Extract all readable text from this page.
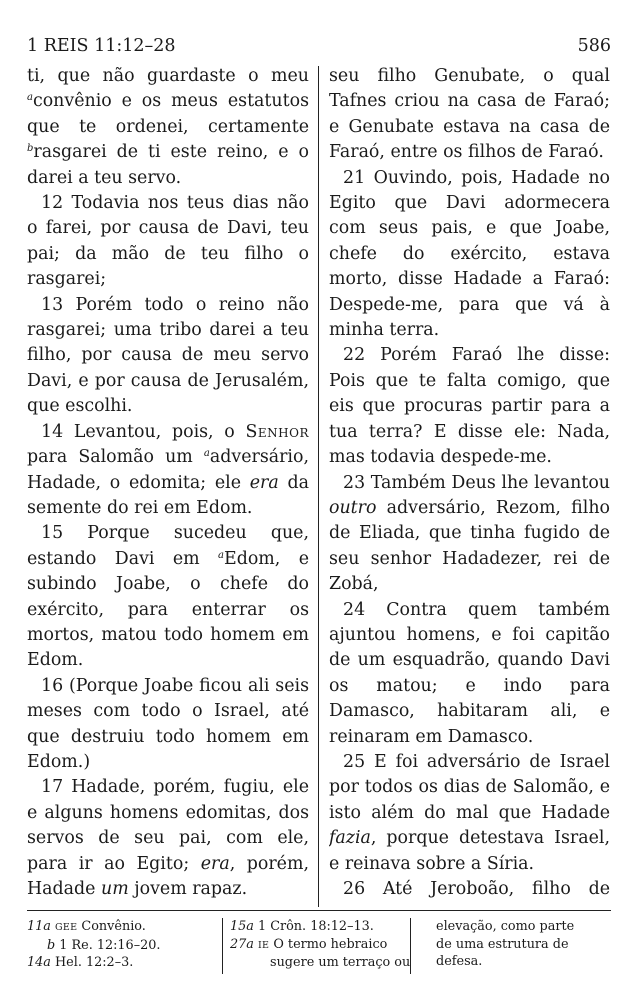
1 REIS 11:12–28	586

ti, que não guardaste o meu $^a$convênio e os meus estatutos que te ordenei, certamente $^b$rasgarei de ti este reino, e o darei a teu servo.

12 Todavia nos teus dias não o farei, por causa de Davi, teu pai; da mão de teu filho o rasgarei;

13 Porém todo o reino não rasgarei; uma tribo darei a teu filho, por causa de meu servo Davi, e por causa de Jerusalém, que escolhi.

14 Levantou, pois, o Senhor para Salomão um $^a$adversário, Hadade, o edomita; ele era da semente do rei em Edom.

15 Porque sucedeu que, estando Davi em $^a$Edom, e subindo Joabe, o chefe do exército, para enterrar os mortos, matou todo homem em Edom.

16 (Porque Joabe ficou ali seis meses com todo o Israel, até que destruiu todo homem em Edom.)

17 Hadade, porém, fugiu, ele e alguns homens edomitas, dos servos de seu pai, com ele, para ir ao Egito; era, porém, Hadade um jovem rapaz.

seu filho Genubate, o qual Tafnes criou na casa de Faraó; e Genubate estava na casa de Faraó, entre os filhos de Faraó.

21 Ouvindo, pois, Hadade no Egito que Davi adormecera com seus pais, e que Joabe, chefe do exército, estava morto, disse Hadade a Faraó: Despede-me, para que vá à minha terra.

22 Porém Faraó lhe disse: Pois que te falta comigo, que eis que procuras partir para a tua terra? E disse ele: Nada, mas todavia despede-me.

23 Também Deus lhe levantou outro adversário, Rezom, filho de Eliada, que tinha fugido de seu senhor Hadadezer, rei de Zobá,

24 Contra quem também ajuntou homens, e foi capitão de um esquadrão, quando Davi os matou; e indo para Damasco, habitaram ali, e reinaram em Damasco.

25 E foi adversário de Israel por todos os dias de Salomão, e isto além do mal que Hadade fazia, porque detestava Israel, e reinava sobre a Síria.

26 Até Jeroboão, filho de

11a GEE Convênio.
b 1 Re. 12:16–20.
14a Hel. 12:2–3.
15a 1 Crôn. 18:12–13.
27a IE O termo hebraico
sugere um terraço ou
elevação, como parte
de uma estrutura de
defesa.
